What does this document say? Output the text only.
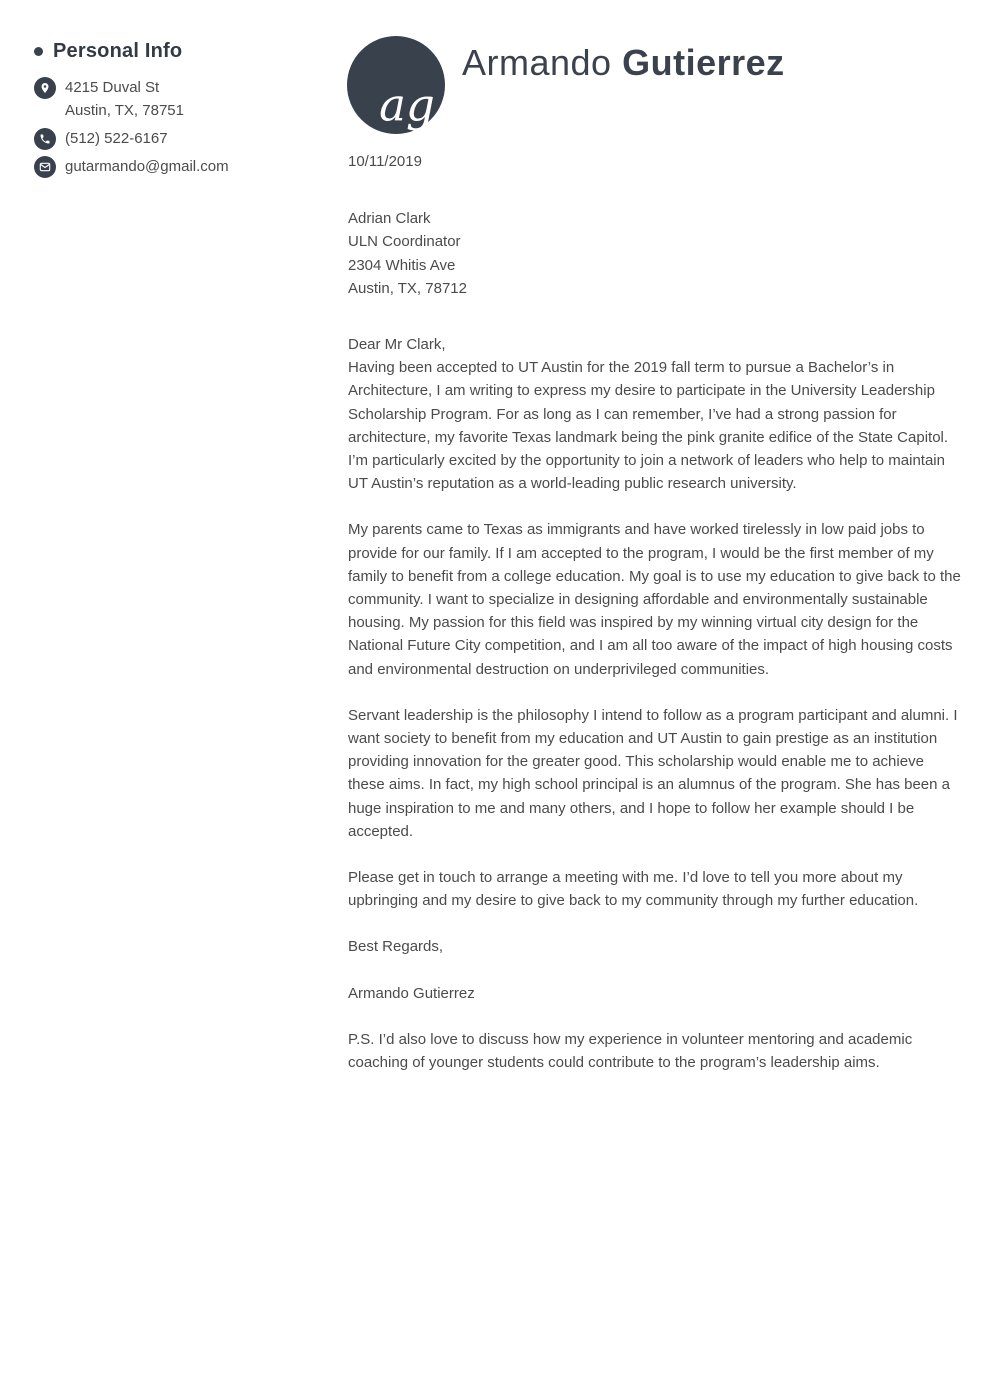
Personal Info
4215 Duval St
Austin, TX, 78751
(512) 522-6167
gutarmando@gmail.com
ag
Armando Gutierrez
10/11/2019
Adrian Clark
ULN Coordinator
2304 Whitis Ave
Austin, TX, 78712
Dear Mr Clark,

Having been accepted to UT Austin for the 2019 fall term to pursue a Bachelor’s in Architecture, I am writing to express my desire to participate in the University Leadership Scholarship Program. For as long as I can remember, I’ve had a strong passion for architecture, my favorite Texas landmark being the pink granite edifice of the State Capitol. I’m particularly excited by the opportunity to join a network of leaders who help to maintain UT Austin’s reputation as a world-leading public research university.

My parents came to Texas as immigrants and have worked tirelessly in low paid jobs to provide for our family. If I am accepted to the program, I would be the first member of my family to benefit from a college education. My goal is to use my education to give back to the community. I want to specialize in designing affordable and environmentally sustainable housing. My passion for this field was inspired by my winning virtual city design for the National Future City competition, and I am all too aware of the impact of high housing costs and environmental destruction on underprivileged communities.

Servant leadership is the philosophy I intend to follow as a program participant and alumni. I want society to benefit from my education and UT Austin to gain prestige as an institution providing innovation for the greater good. This scholarship would enable me to achieve these aims. In fact, my high school principal is an alumnus of the program. She has been a huge inspiration to me and many others, and I hope to follow her example should I be accepted.

Please get in touch to arrange a meeting with me. I’d love to tell you more about my upbringing and my desire to give back to my community through my further education.

Best Regards,
Armando Gutierrez
P.S. I’d also love to discuss how my experience in volunteer mentoring and academic coaching of younger students could contribute to the program’s leadership aims.
